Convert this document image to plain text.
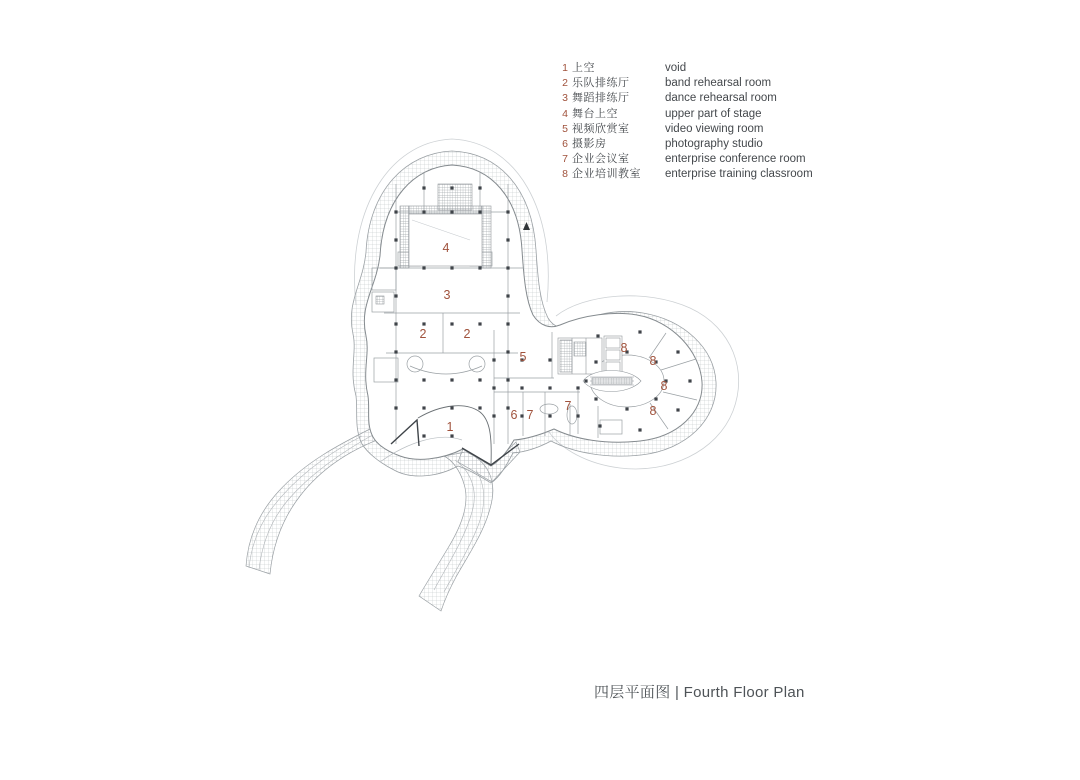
4
3
2	2
5
1
6 7
7
8
8
8
8
1 上空	void
2 乐队排练厅	band rehearsal room
3 舞蹈排练厅	dance rehearsal room
4 舞台上空	upper part of stage
5 视频欣赏室	video viewing room
6 摄影房	photography studio
7 企业会议室	enterprise conference room
8 企业培训教室	enterprise training classroom
四层平面图 | Fourth Floor Plan
